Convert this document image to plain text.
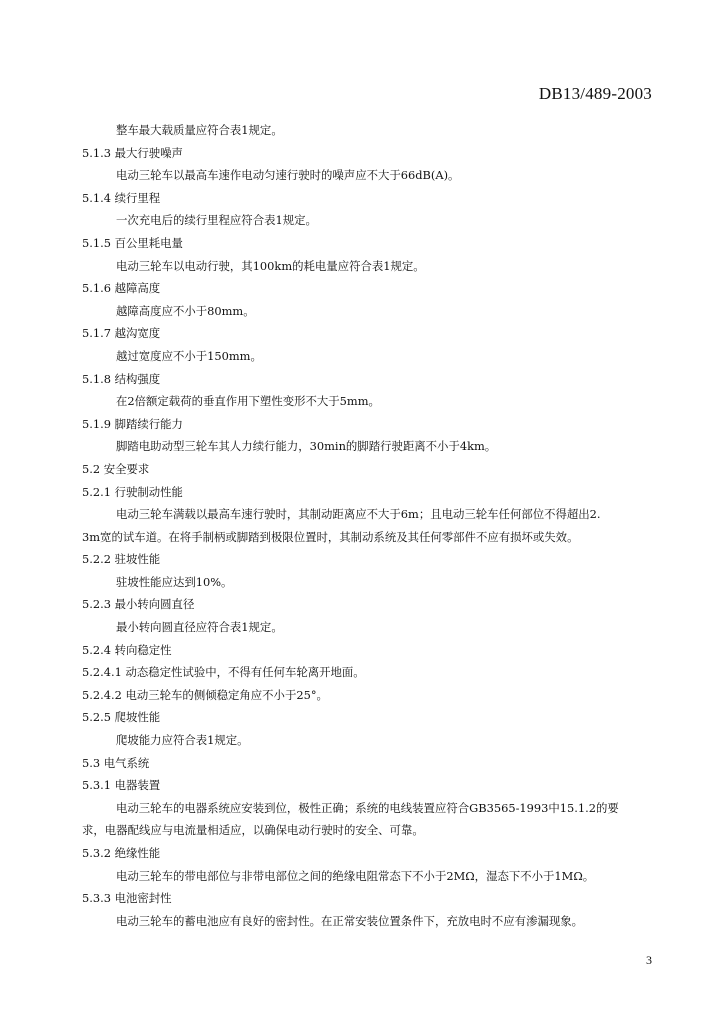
DB13/489-2003
整车最大载质量应符合表1规定。
5.1.3 最大行驶噪声
电动三轮车以最高车速作电动匀速行驶时的噪声应不大于66dB(A)。
5.1.4 续行里程
一次充电后的续行里程应符合表1规定。
5.1.5 百公里耗电量
电动三轮车以电动行驶，其100km的耗电量应符合表1规定。
5.1.6 越障高度
越障高度应不小于80mm。
5.1.7 越沟宽度
越过宽度应不小于150mm。
5.1.8 结构强度
在2倍额定载荷的垂直作用下塑性变形不大于5mm。
5.1.9 脚踏续行能力
脚踏电助动型三轮车其人力续行能力，30min的脚踏行驶距离不小于4km。
5.2 安全要求
5.2.1 行驶制动性能
电动三轮车满载以最高车速行驶时，其制动距离应不大于6m；且电动三轮车任何部位不得超出2.
3m宽的试车道。在将手制柄或脚踏到极限位置时，其制动系统及其任何零部件不应有损坏或失效。
5.2.2 驻坡性能
驻坡性能应达到10%。
5.2.3 最小转向圆直径
最小转向圆直径应符合表1规定。
5.2.4 转向稳定性
5.2.4.1 动态稳定性试验中，不得有任何车轮离开地面。
5.2.4.2 电动三轮车的侧倾稳定角应不小于25°。
5.2.5 爬坡性能
爬坡能力应符合表1规定。
5.3 电气系统
5.3.1 电器装置
电动三轮车的电器系统应安装到位，极性正确；系统的电线装置应符合GB3565-1993中15.1.2的要
求，电器配线应与电流量相适应，以确保电动行驶时的安全、可靠。
5.3.2 绝缘性能
电动三轮车的带电部位与非带电部位之间的绝缘电阻常态下不小于2MΩ，湿态下不小于1MΩ。
5.3.3 电池密封性
电动三轮车的蓄电池应有良好的密封性。在正常安装位置条件下，充放电时不应有渗漏现象。
3
